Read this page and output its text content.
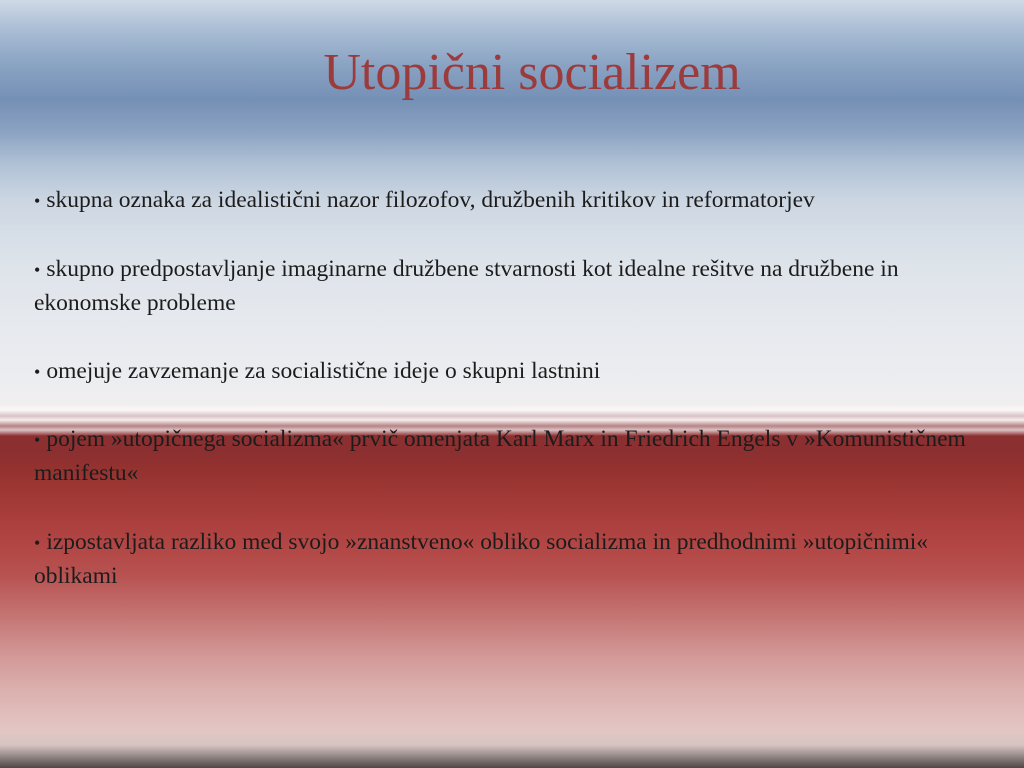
Utopični socializem
• skupna oznaka za idealistični nazor filozofov, družbenih kritikov in reformatorjev
• skupno predpostavljanje imaginarne družbene stvarnosti kot idealne rešitve na družbene in ekonomske probleme
• omejuje zavzemanje za socialistične ideje o skupni lastnini
• pojem »utopičnega socializma« prvič omenjata Karl Marx in Friedrich Engels v »Komunističnem manifestu«
• izpostavljata razliko med svojo »znanstveno« obliko socializma in predhodnimi »utopičnimi« oblikami
